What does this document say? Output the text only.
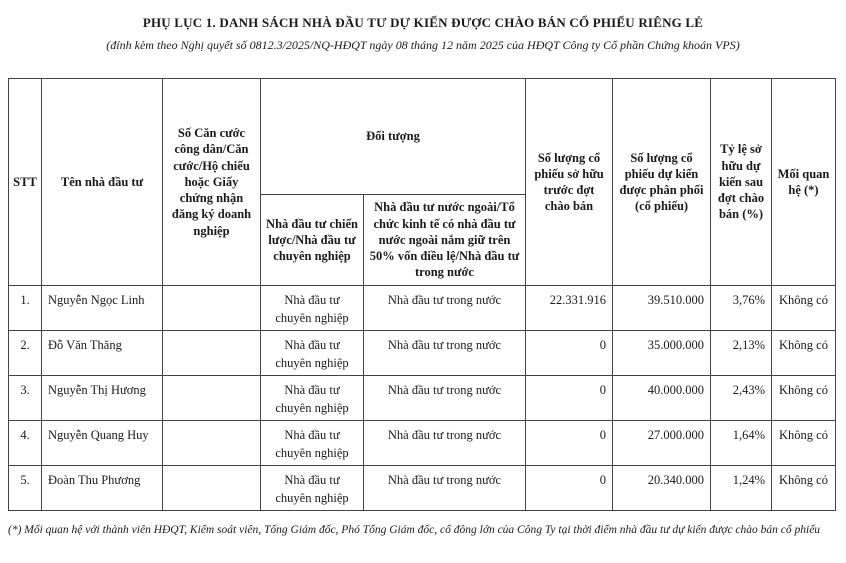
PHỤ LỤC 1. DANH SÁCH NHÀ ĐẦU TƯ DỰ KIẾN ĐƯỢC CHÀO BÁN CỔ PHIẾU RIÊNG LẺ
(đính kèm theo Nghị quyết số 0812.3/2025/NQ-HĐQT ngày 08 tháng 12 năm 2025 của HĐQT Công ty Cổ phần Chứng khoán VPS)
STT	Tên nhà đầu tư	Số Căn cước công dân/Căn cước/Hộ chiếu hoặc Giấy chứng nhận đăng ký doanh nghiệp	Đối tượng		Số lượng cổ phiếu sở hữu trước đợt chào bán	Số lượng cổ phiếu dự kiến được phân phối (cổ phiếu)	Tỷ lệ sở hữu dự kiến sau đợt chào bán (%)	Mối quan hệ (*)
			Nhà đầu tư chiến lược/Nhà đầu tư chuyên nghiệp	Nhà đầu tư nước ngoài/Tổ chức kinh tế có nhà đầu tư nước ngoài nắm giữ trên 50% vốn điều lệ/Nhà đầu tư trong nước				
1.	Nguyễn Ngọc Linh		Nhà đầu tư chuyên nghiệp	Nhà đầu tư trong nước	22.331.916	39.510.000	3,76%	Không có
2.	Đỗ Văn Thăng		Nhà đầu tư chuyên nghiệp	Nhà đầu tư trong nước	0	35.000.000	2,13%	Không có
3.	Nguyễn Thị Hương		Nhà đầu tư chuyên nghiệp	Nhà đầu tư trong nước	0	40.000.000	2,43%	Không có
4.	Nguyễn Quang Huy		Nhà đầu tư chuyên nghiệp	Nhà đầu tư trong nước	0	27.000.000	1,64%	Không có
5.	Đoàn Thu Phương		Nhà đầu tư chuyên nghiệp	Nhà đầu tư trong nước	0	20.340.000	1,24%	Không có
(*) Mối quan hệ với thành viên HĐQT, Kiểm soát viên, Tổng Giám đốc, Phó Tổng Giám đốc, cổ đông lớn của Công Ty tại thời điểm nhà đầu tư dự kiến được chào bán cổ phiếu
